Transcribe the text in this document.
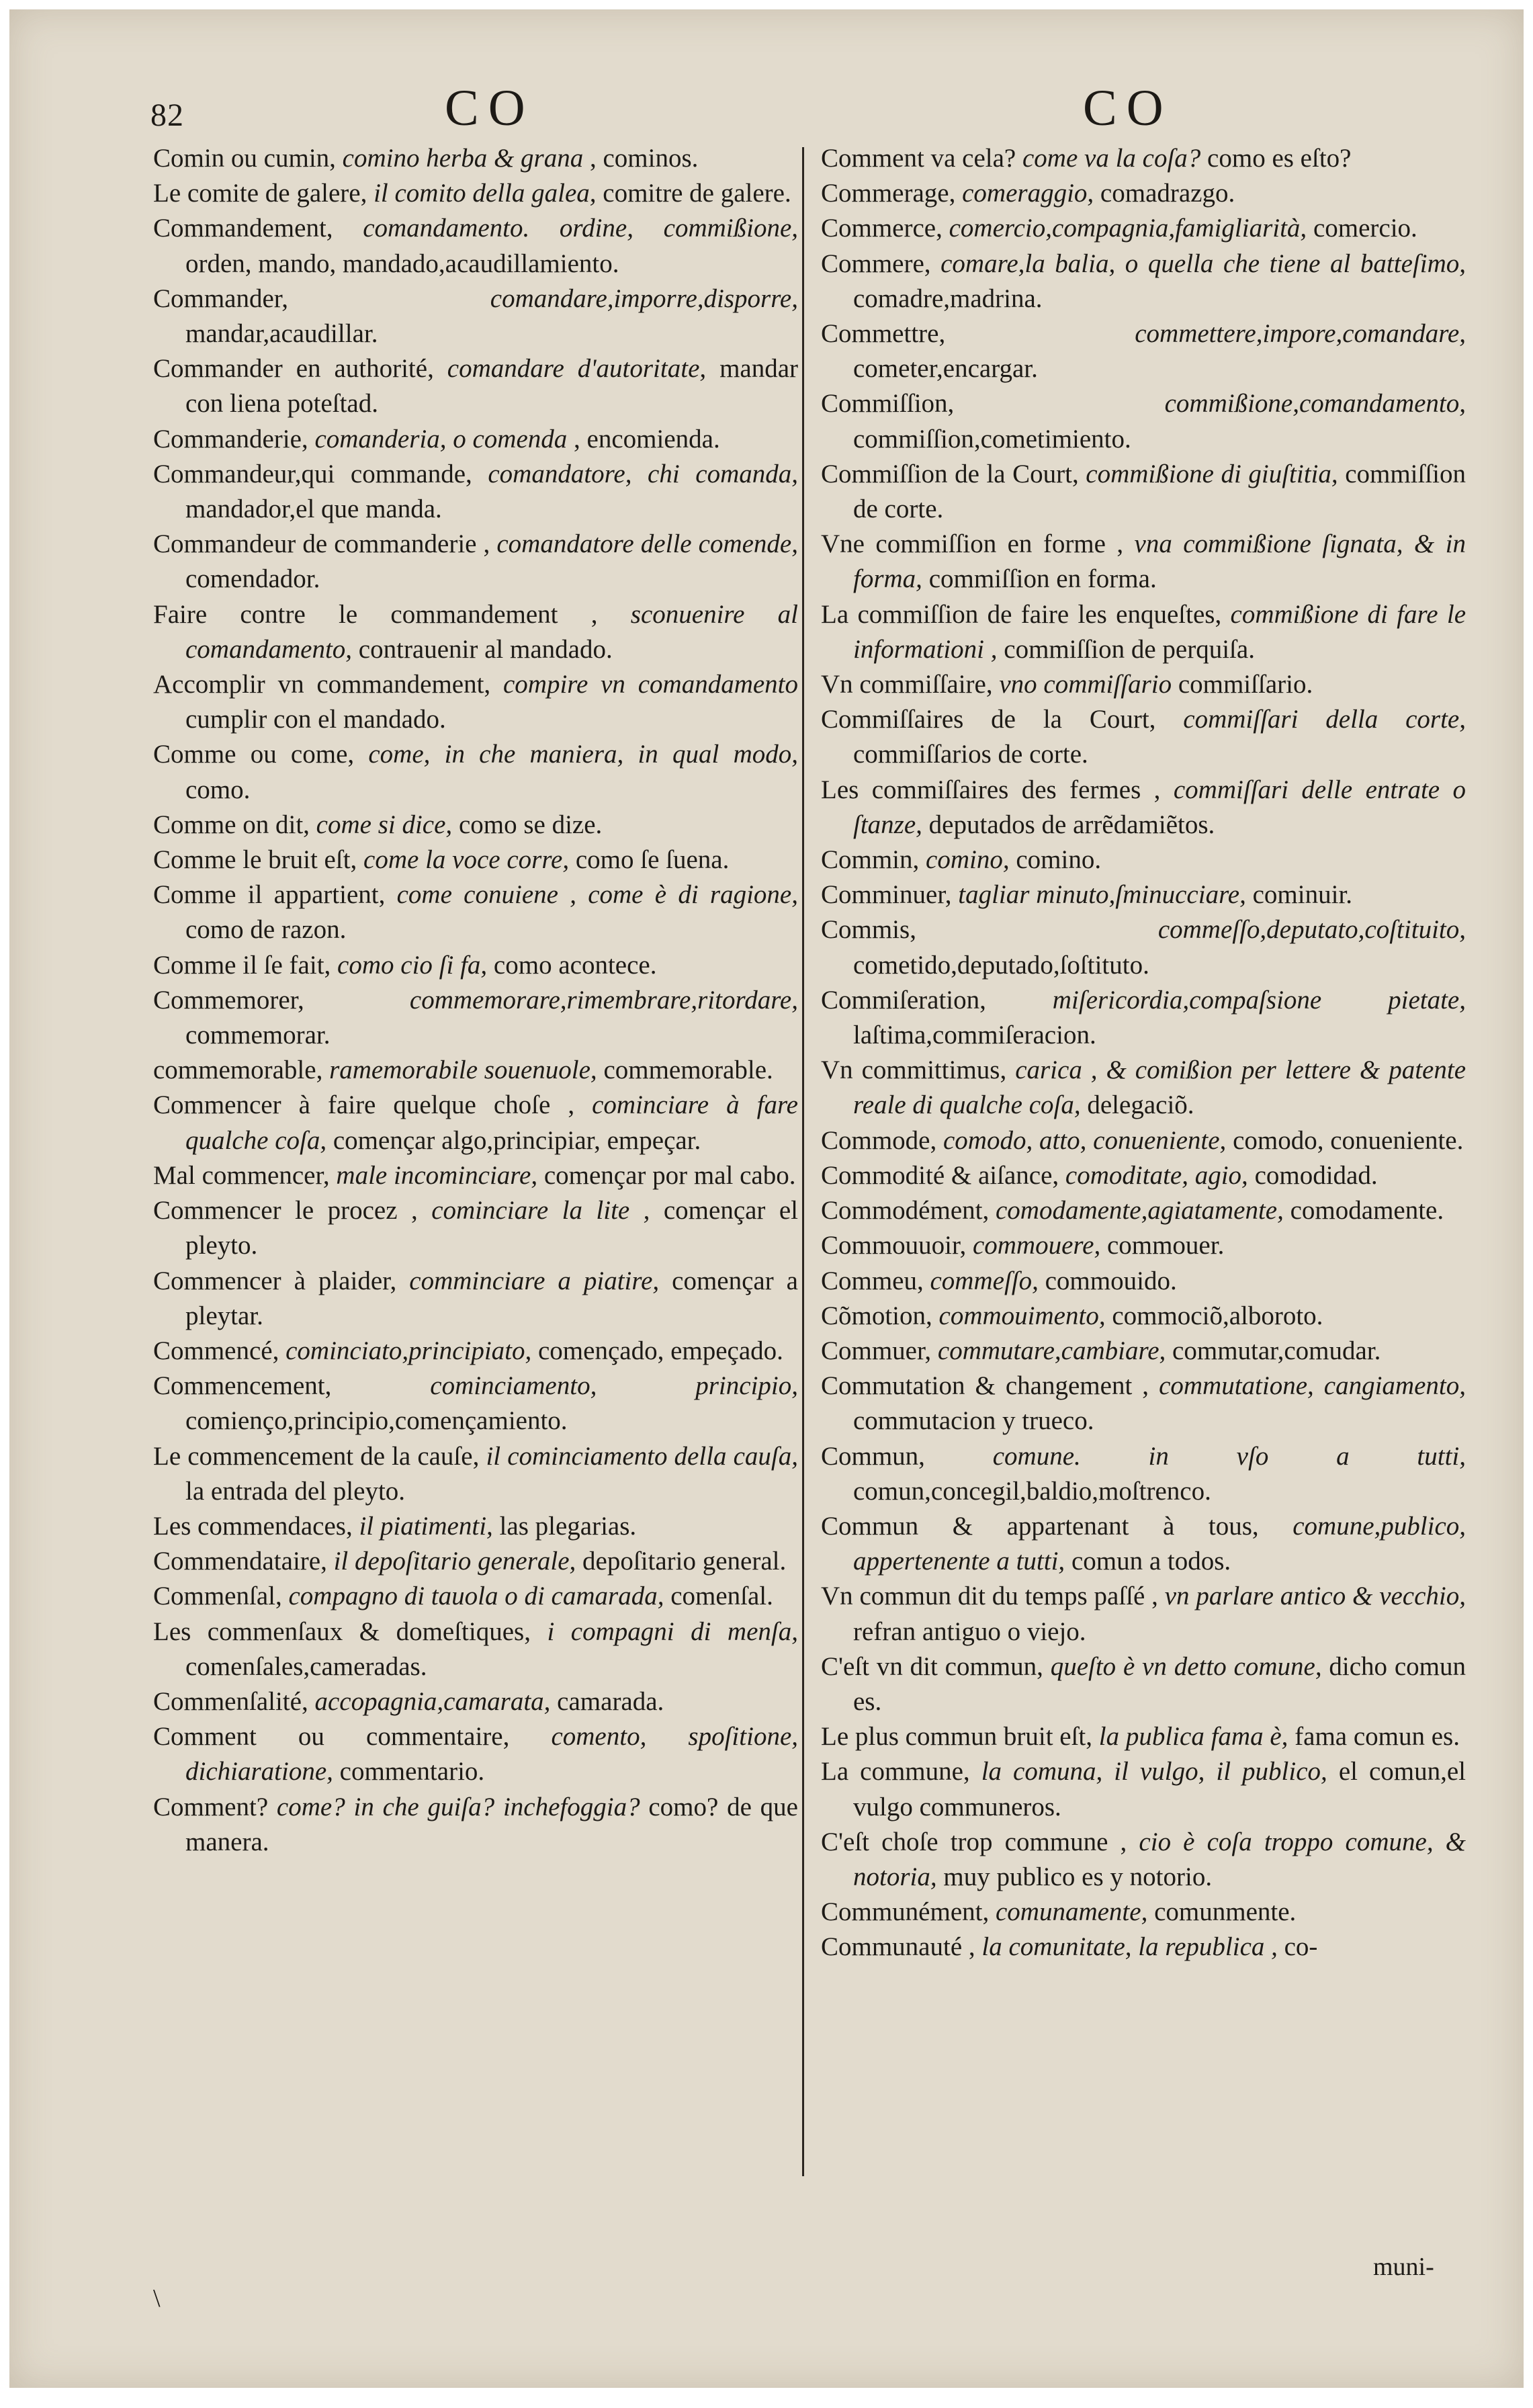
82	CO	CO

Comin ou cumin, comino herba & grana , cominos.

Le comite de galere, il comito della galea, comitre de galere.

Commandement, comandamento. ordine, commißione, orden, mando, mandado,acaudillamiento.

Commander,	comandare,imporre,disporre, mandar,acaudillar.

Commander en authorité, comandare d'autoritate, mandar con liena poteſtad.

Commanderie, comanderia, o comenda , encomienda.

Commandeur,qui commande, comandatore, chi comanda, mandador,el que manda.

Commandeur de commanderie , comandatore delle comende, comendador.

Faire contre le commandement , sconuenire al comandamento, contrauenir al mandado.

Accomplir vn commandement, compire vn comandamento cumplir con el mandado.

Comme ou come, come, in che maniera, in qual modo, como.

Comme on dit, come si dice, como se dize.

Comme le bruit eſt, come la voce corre, como ſe ſuena.

Comme il appartient, come conuiene , come è di ragione, como de razon.

Comme il ſe fait, como cio ſi fa, como acontece.

Commemorer,	commemorare,rimembrare,ritordare, commemorar.

commemorable, ramemorabile souenuole, commemorable.

Commencer à faire quelque choſe , cominciare à fare qualche coſa, començar algo,principiar, empeçar.

Mal commencer, male incominciare, començar por mal cabo.

Commencer le procez , cominciare la lite , començar el pleyto.

Commencer à plaider, comminciare a piatire, començar a pleytar.

Commencé, cominciato,principiato, començado, empeçado.

Commencement,	cominciamento, principio, comienço,principio,començamiento.

Le commencement de la cauſe, il cominciamento della cauſa, la entrada del pleyto.

Les commendaces, il piatimenti, las plegarias.

Commendataire, il depoſitario generale, depoſitario general.

Commenſal, compagno di tauola o di camarada, comenſal.

Les commenſaux & domeſtiques, i compagni di menſa, comenſales,cameradas.

Commenſalité, accopagnia,camarata, camarada.

Comment ou commentaire, comento, spoſitione, dichiaratione, commentario.

Comment? come? in che guiſa? inchefoggia? como? de que manera.

Comment va cela? come va la coſa? como es eſto?

Commerage, comeraggio, comadrazgo.

Commerce, comercio,compagnia,famigliarità, comercio.

Commere, comare,la balia, o quella che tiene al batteſimo, comadre,madrina.

Commettre,	commettere,impore,comandare, cometer,encargar.

Commiſſion,	commißione,comandamento, commiſſion,cometimiento.

Commiſſion de la Court, commißione di giuſtitia, commiſſion de corte.

Vne commiſſion en forme , vna commißione ſignata, & in forma, commiſſion en forma.

La commiſſion de faire les enqueſtes, commißione di fare le informationi , commiſſion de perquiſa.

Vn commiſſaire, vno commiſſario commiſſario.

Commiſſaires de la Court, commiſſari della corte, commiſſarios de corte.

Les commiſſaires des fermes , commiſſari delle entrate o ſtanze, deputados de arrẽdamiẽtos.

Commin, comino, comino.

Comminuer, tagliar minuto,ſminucciare, cominuir.

Commis,	commeſſo,deputato,coſtituito, cometido,deputado,ſoſtituto.

Commiſeration,	miſericordia,compaſsione pietate, laſtima,commiſeracion.

Vn committimus, carica , & comißion per lettere & patente reale di qualche coſa, delegaciõ.

Commode, comodo, atto, conueniente, comodo, conueniente.

Commodité & aiſance, comoditate, agio, comodidad.

Commodément, comodamente,agiatamente, comodamente.

Commouuoir, commouere, commouer.

Commeu, commeſſo, commouido.

Cõmotion, commouimento, commociõ,alboroto.

Commuer, commutare,cambiare, commutar,comudar.

Commutation & changement , commutatione, cangiamento, commutacion y trueco.

Commun,	comune. in vſo a tutti, comun,concegil,baldio,moſtrenco.

Commun & appartenant à tous, comune,publico, appertenente a tutti, comun a todos.

Vn commun dit du temps paſſé , vn parlare antico & vecchio, refran antiguo o viejo.

C'eſt vn dit commun, queſto è vn detto comune, dicho comun es.

Le plus commun bruit eſt, la publica fama è, fama comun es.

La commune, la comuna, il vulgo, il publico, el comun,el vulgo communeros.

C'eſt choſe trop commune , cio è coſa troppo comune, & notoria, muy publico es y notorio.

Communément, comunamente, comunmente.

Communauté , la comunitate, la republica , co-

muni-
\
